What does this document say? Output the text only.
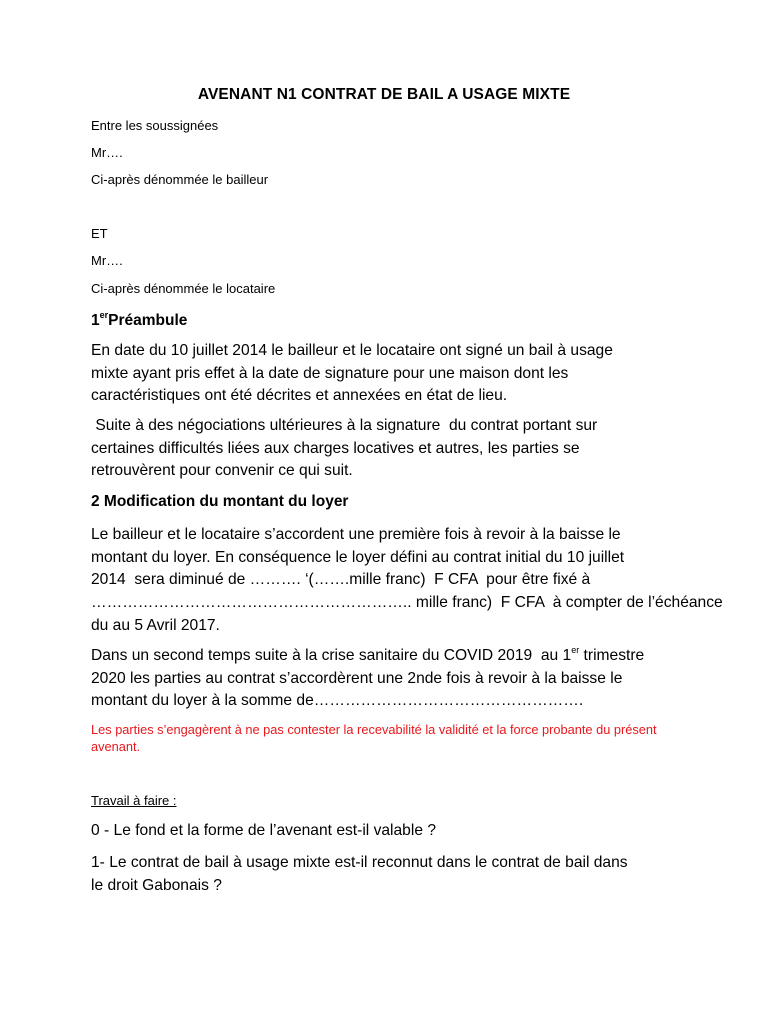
AVENANT N1 CONTRAT DE BAIL A USAGE MIXTE
Entre les soussignées
Mr….
Ci-après dénommée le bailleur
ET
Mr….
Ci-après dénommée le locataire
1erPréambule
En date du 10 juillet 2014 le bailleur et le locataire ont signé un bail à usage
mixte ayant pris effet à la date de signature pour une maison dont les
caractéristiques ont été décrites et annexées en état de lieu.
Suite à des négociations ultérieures à la signature  du contrat portant sur
certaines difficultés liées aux charges locatives et autres, les parties se
retrouvèrent pour convenir ce qui suit.
2 Modification du montant du loyer
Le bailleur et le locataire s’accordent une première fois à revoir à la baisse le
montant du loyer. En conséquence le loyer défini au contrat initial du 10 juillet
2014  sera diminué de ………. ‘(…….mille franc)  F CFA  pour être fixé à
…………………………………………………….. mille franc)  F CFA  à compter de l’échéance
du au 5 Avril 2017.
Dans un second temps suite à la crise sanitaire du COVID 2019  au 1er trimestre
2020 les parties au contrat s’accordèrent une 2nde fois à revoir à la baisse le
montant du loyer à la somme de…………………………………………….
Les parties s’engagèrent à ne pas contester la recevabilité la validité et la force probante du présent
avenant.
Travail à faire :
0 - Le fond et la forme de l’avenant est-il valable ?
1- Le contrat de bail à usage mixte est-il reconnut dans le contrat de bail dans
le droit Gabonais ?
